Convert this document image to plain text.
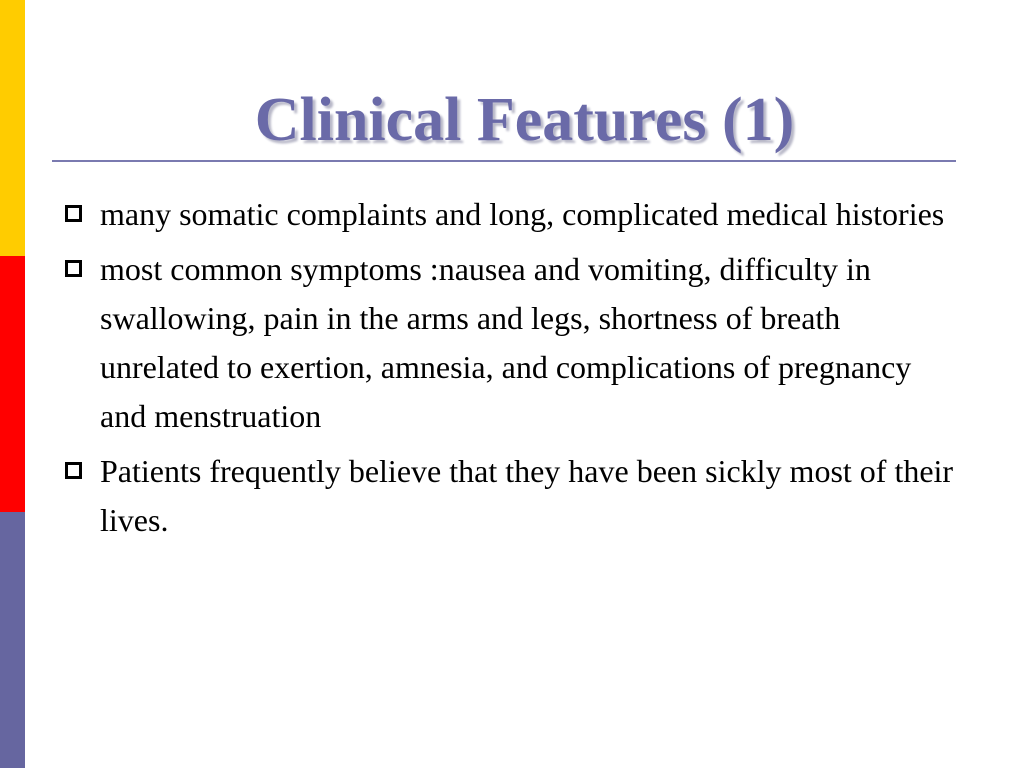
Clinical Features (1)
many somatic complaints and long, complicated medical histories
most common symptoms :nausea and vomiting, difficulty in swallowing, pain in the arms and legs, shortness of breath unrelated to exertion, amnesia, and complications of pregnancy and menstruation
Patients frequently believe that they have been sickly most of their lives.
